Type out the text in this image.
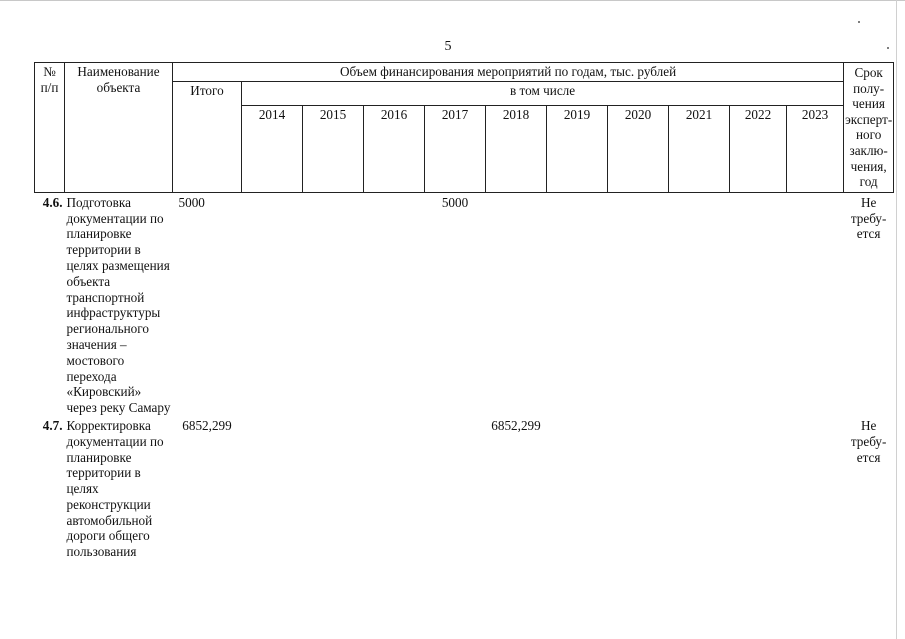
5
№ п/п	Наименование объекта	Объем финансирования мероприятий по годам, тыс. рублей											Срок полу-чения эксперт-ного заклю-чения, год
		Итого	в том числе										
			2014	2015	2016	2017	2018	2019	2020	2021	2022	2023	
4.6.	Подготовка документации по планировке территории в целях размещения объекта транспортной инфраструктуры регионального значения – мостового перехода «Кировский» через реку Самару	5000				5000							Не требу-ется
4.7.	Корректировка документации по планировке территории в целях реконструкции автомобильной дороги общего пользования	6852,299					6852,299						Не требу-ется
